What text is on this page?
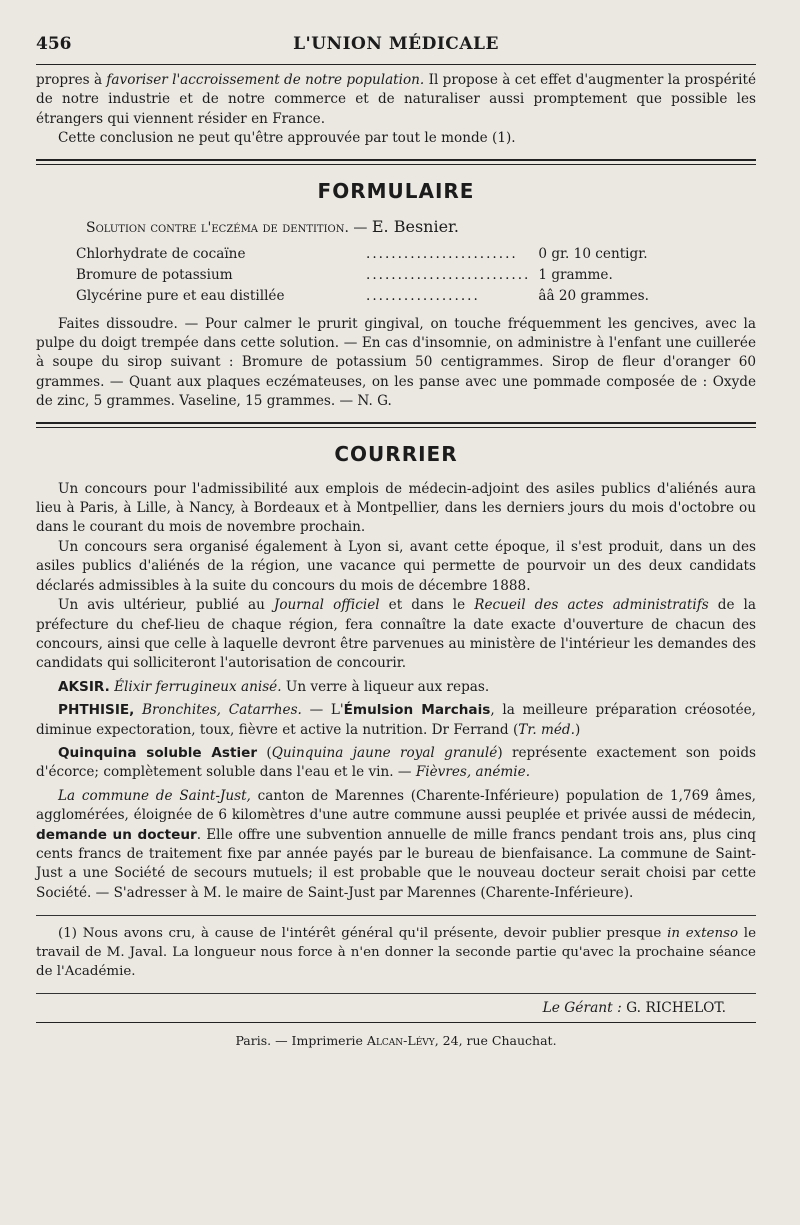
456	L'UNION MÉDICALE

propres à favoriser l'accroissement de notre population. Il propose à cet effet d'augmenter la prospérité de notre industrie et de notre commerce et de naturaliser aussi promptement que possible les étrangers qui viennent résider en France.

Cette conclusion ne peut qu'être approuvée par tout le monde (1).

FORMULAIRE
Solution contre l'eczéma de dentition. — E. Besnier.
Chlorhydrate de cocaïne	........................	0 gr. 10 centigr.
Bromure de potassium	..........................	1 gramme.
Glycérine pure et eau distillée	..................	ââ 20 grammes.

Faites dissoudre. — Pour calmer le prurit gingival, on touche fréquemment les gencives, avec la pulpe du doigt trempée dans cette solution. — En cas d'insomnie, on administre à l'enfant une cuillerée à soupe du sirop suivant : Bromure de potassium 50 centigrammes. Sirop de fleur d'oranger 60 grammes. — Quant aux plaques eczémateuses, on les panse avec une pommade composée de : Oxyde de zinc, 5 grammes. Vaseline, 15 grammes. — N. G.

COURRIER

Un concours pour l'admissibilité aux emplois de médecin-adjoint des asiles publics d'aliénés aura lieu à Paris, à Lille, à Nancy, à Bordeaux et à Montpellier, dans les derniers jours du mois d'octobre ou dans le courant du mois de novembre prochain.

Un concours sera organisé également à Lyon si, avant cette époque, il s'est produit, dans un des asiles publics d'aliénés de la région, une vacance qui permette de pourvoir un des deux candidats déclarés admissibles à la suite du concours du mois de décembre 1888.

Un avis ultérieur, publié au Journal officiel et dans le Recueil des actes administratifs de la préfecture du chef-lieu de chaque région, fera connaître la date exacte d'ouverture de chacun des concours, ainsi que celle à laquelle devront être parvenues au ministère de l'intérieur les demandes des candidats qui solliciteront l'autorisation de concourir.

AKSIR. Élixir ferrugineux anisé. Un verre à liqueur aux repas.

PHTHISIE, Bronchites, Catarrhes. — L'Émulsion Marchais, la meilleure préparation créosotée, diminue expectoration, toux, fièvre et active la nutrition. Dr Ferrand (Tr. méd.)

Quinquina soluble Astier (Quinquina jaune royal granulé) représente exactement son poids d'écorce; complètement soluble dans l'eau et le vin. — Fièvres, anémie.

La commune de Saint-Just, canton de Marennes (Charente-Inférieure) population de 1,769 âmes, agglomérées, éloignée de 6 kilomètres d'une autre commune aussi peuplée et privée aussi de médecin, demande un docteur. Elle offre une subvention annuelle de mille francs pendant trois ans, plus cinq cents francs de traitement fixe par année payés par le bureau de bienfaisance. La commune de Saint-Just a une Société de secours mutuels; il est probable que le nouveau docteur serait choisi par cette Société. — S'adresser à M. le maire de Saint-Just par Marennes (Charente-Inférieure).

(1) Nous avons cru, à cause de l'intérêt général qu'il présente, devoir publier presque in extenso le travail de M. Javal. La longueur nous force à n'en donner la seconde partie qu'avec la prochaine séance de l'Académie.

Le Gérant : G. RICHELOT.
Paris. — Imprimerie Alcan-Lévy, 24, rue Chauchat.
